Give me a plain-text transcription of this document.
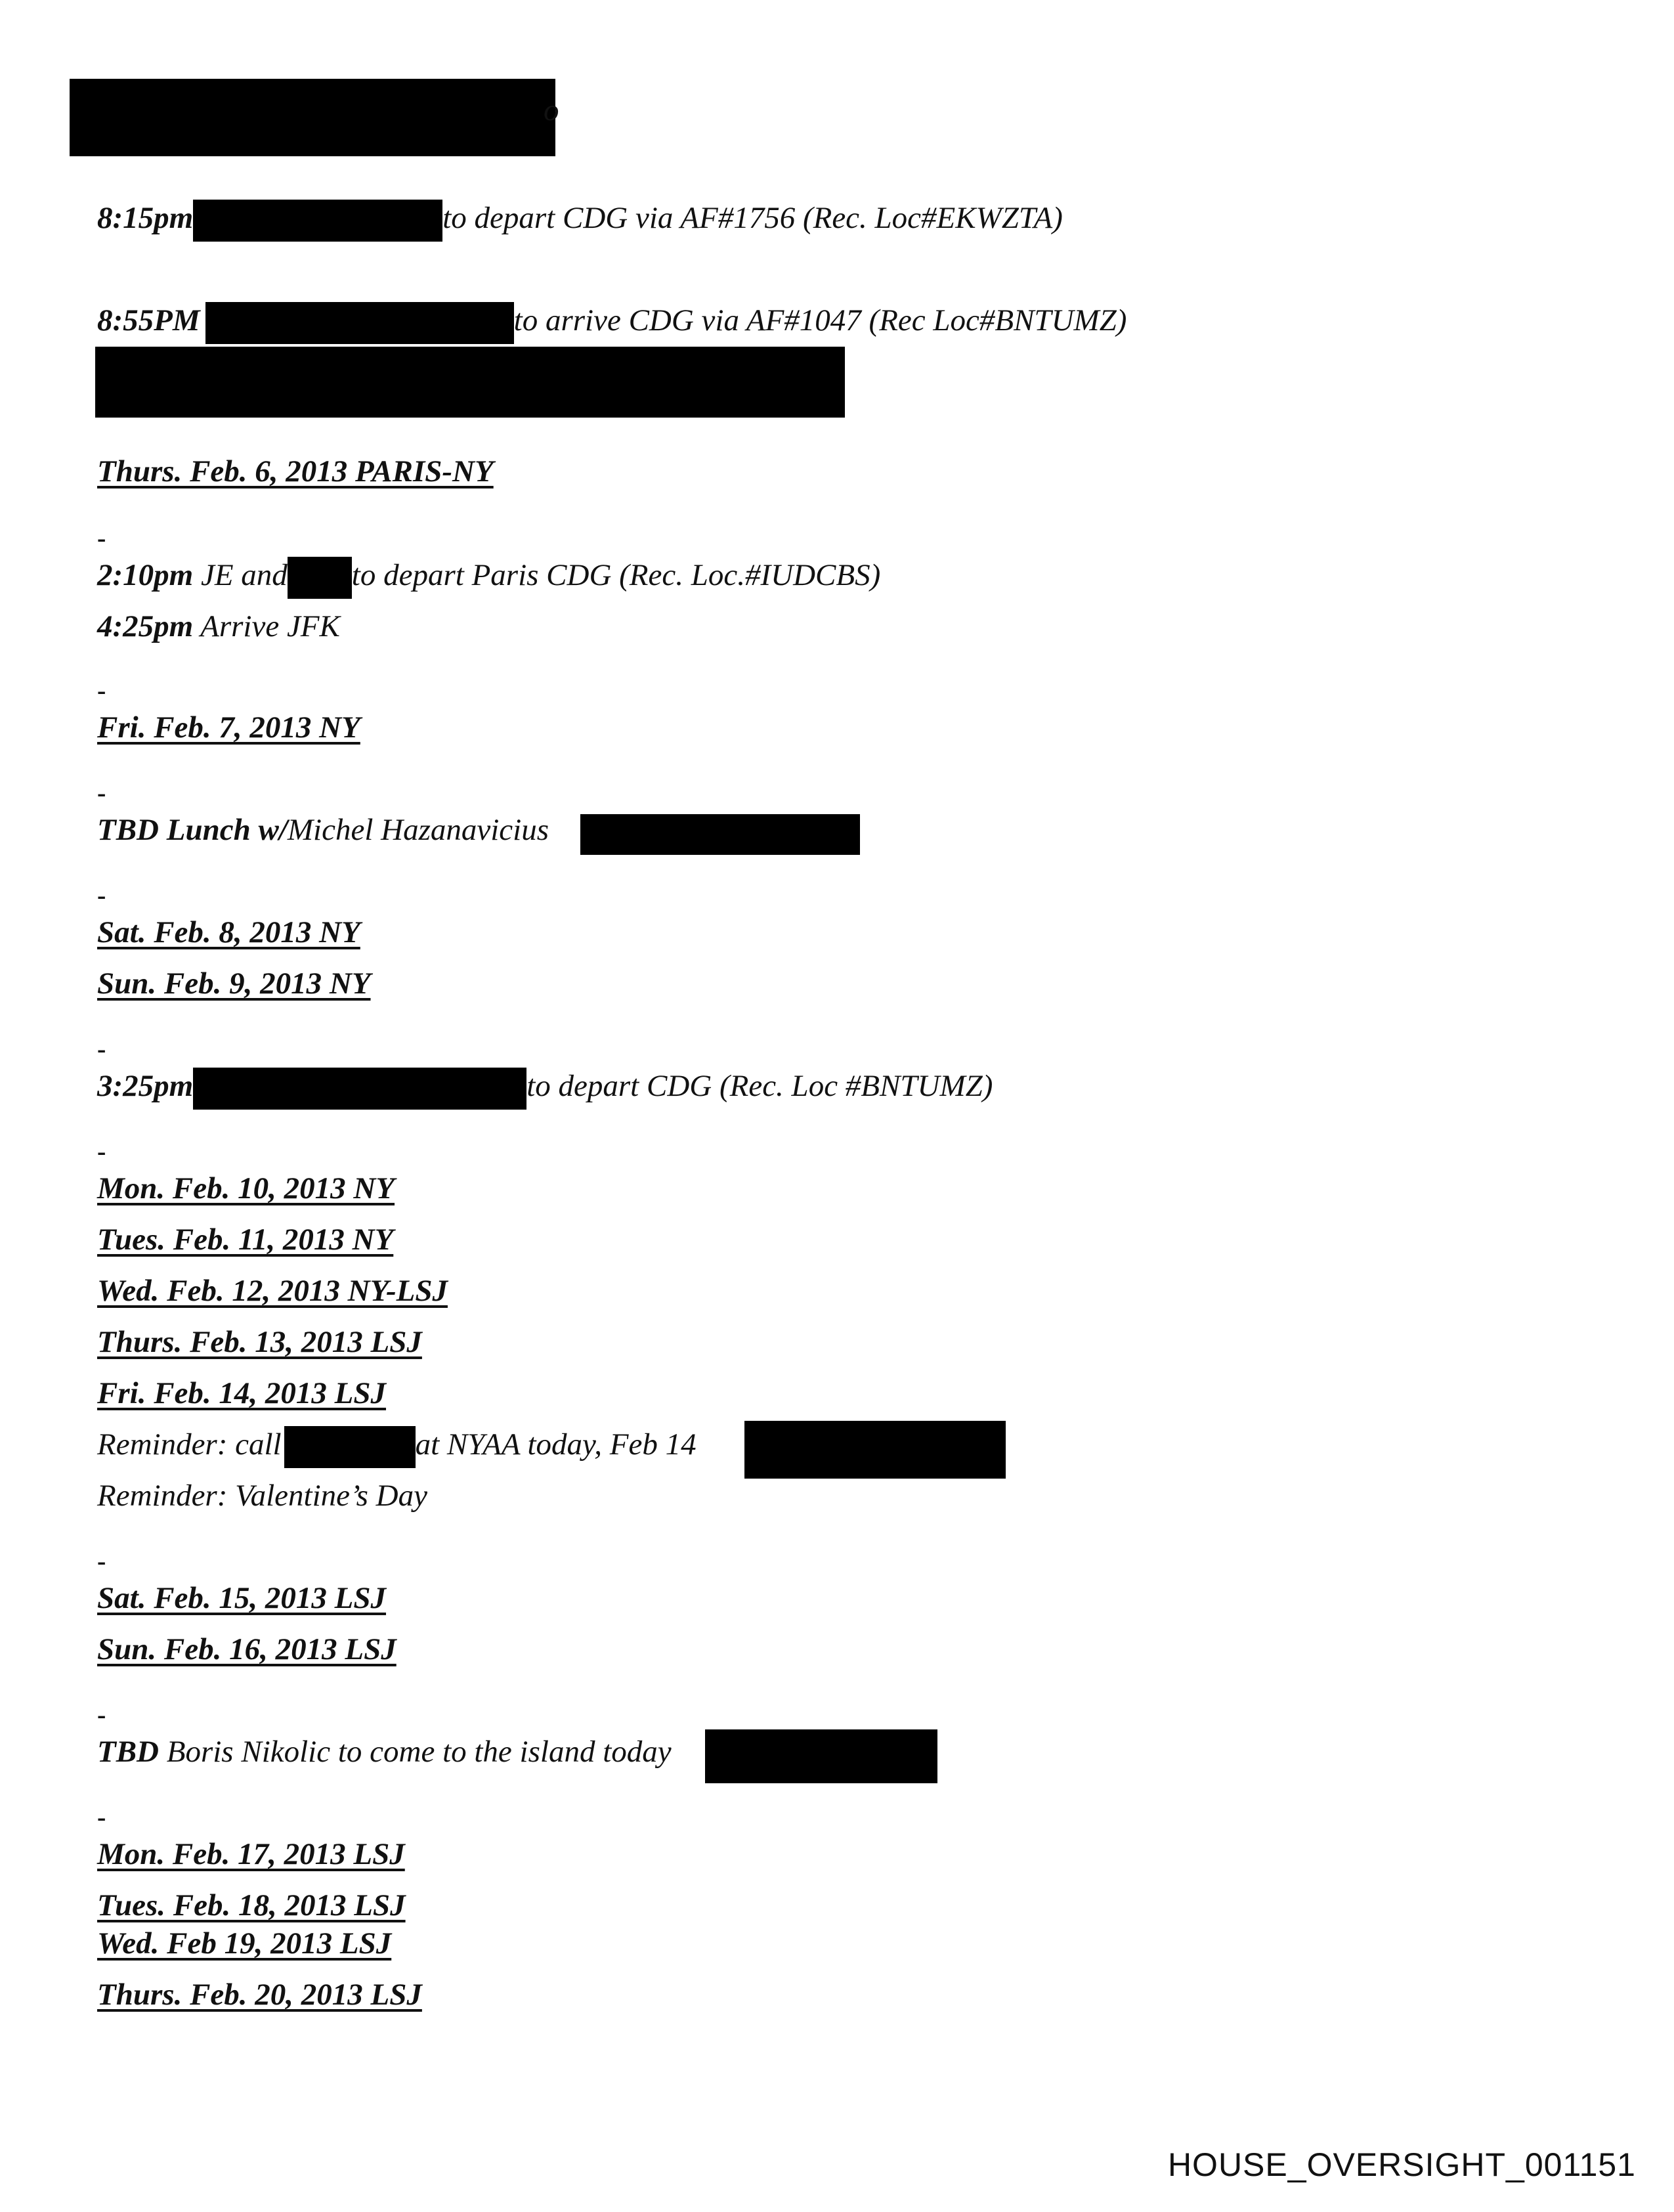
o
8:15pm	to depart CDG via AF#1756 (Rec. Loc#EKWZTA)
8:55PM	to arrive CDG via AF#1047 (Rec Loc#BNTUMZ)
Thurs. Feb. 6, 2013 PARIS-NY
-
2:10pm JE and to depart Paris CDG (Rec. Loc.#IUDCBS)
4:25pm Arrive JFK
-
Fri. Feb. 7, 2013 NY
-
TBD Lunch w/Michel Hazanavicius
-
Sat. Feb. 8, 2013 NY
Sun. Feb. 9, 2013 NY
-
3:25pm	to depart CDG (Rec. Loc #BNTUMZ)
-
Mon. Feb. 10, 2013 NY
Tues. Feb. 11, 2013 NY
Wed. Feb. 12, 2013 NY-LSJ
Thurs. Feb. 13, 2013 LSJ
Fri. Feb. 14, 2013 LSJ
Reminder: call	at NYAA today, Feb 14
Reminder: Valentine’s Day
-
Sat. Feb. 15, 2013 LSJ
Sun. Feb. 16, 2013 LSJ
-
TBD Boris Nikolic to come to the island today
-
Mon. Feb. 17, 2013 LSJ
Tues. Feb. 18, 2013 LSJ
Wed. Feb 19, 2013 LSJ
Thurs. Feb. 20, 2013 LSJ
HOUSE_OVERSIGHT_001151
